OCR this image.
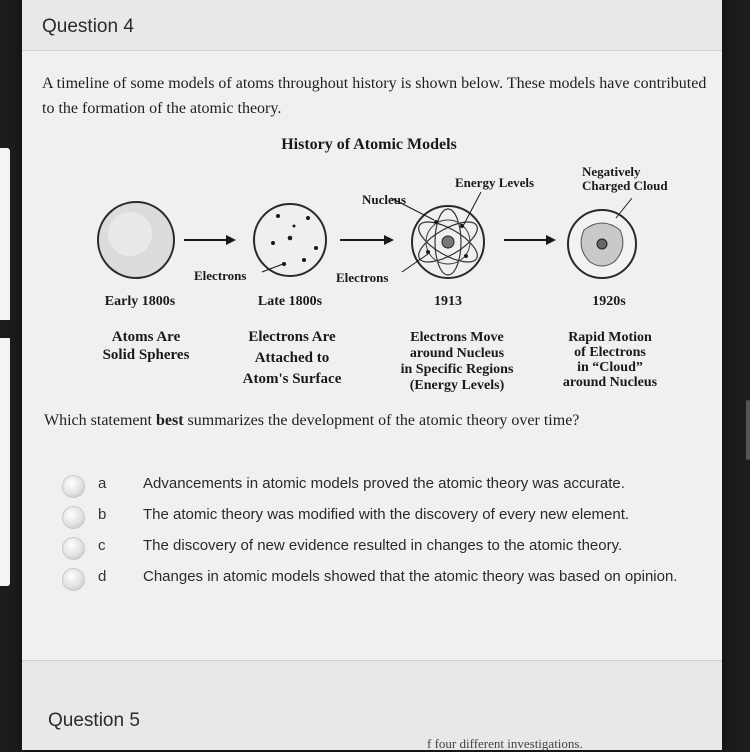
Question 4
A timeline of some models of atoms throughout history is shown below. These models have contributed to the formation of the atomic theory.
History of Atomic Models
Electrons
Nucleus
Energy Levels
Electrons
Negatively
Charged Cloud
Early 1800s	Late 1800s	1913	1920s
Atoms Are
Solid Spheres
Electrons Are
Attached to
Atom's Surface
Electrons Move
around Nucleus
in Specific Regions
(Energy Levels)
Rapid Motion
of Electrons
in “Cloud”
around Nucleus
Which statement best summarizes the development of the atomic theory over time?
a Advancements in atomic models proved the atomic theory was accurate.
b The atomic theory was modified with the discovery of every new element.
c	The discovery of new evidence resulted in changes to the atomic theory.
d Changes in atomic models showed that the atomic theory was based on opinion.
Question 5
f four different investigations.
